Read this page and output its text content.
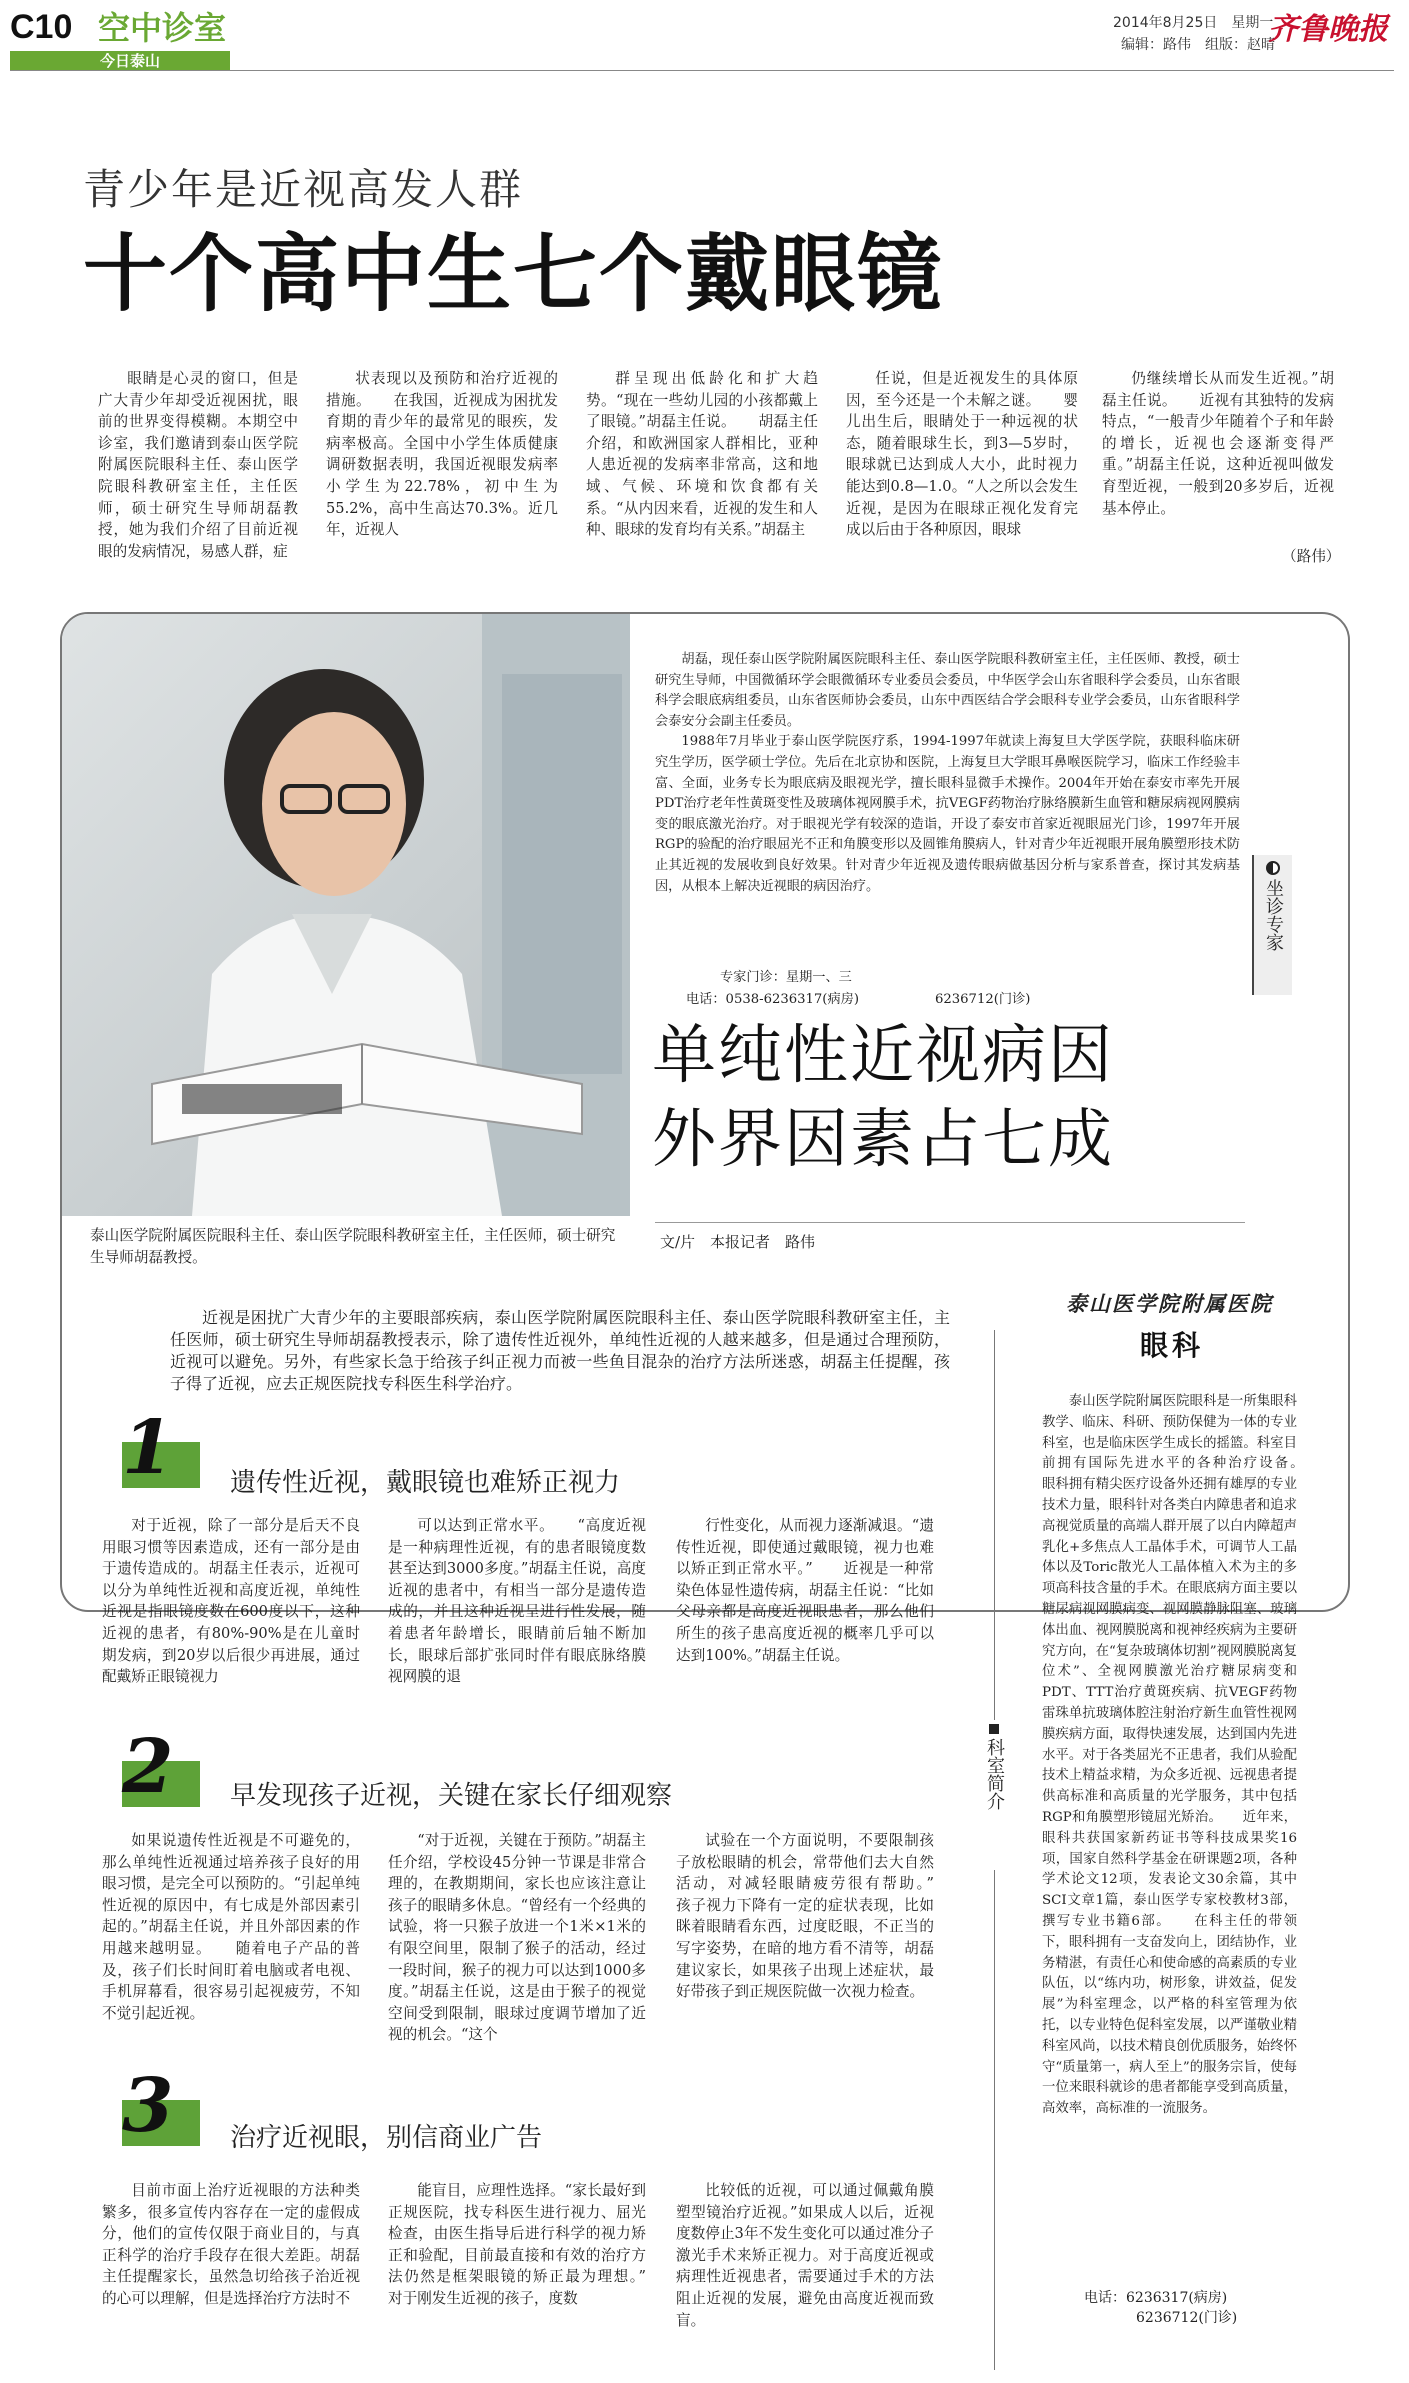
C10 空中诊室
今日泰山
2014年8月25日　星期一
编辑：路伟　组版：赵晴
齐鲁晚报
青少年是近视高发人群
十个高中生七个戴眼镜
眼睛是心灵的窗口，但是广大青少年却受近视困扰，眼前的世界变得模糊。本期空中诊室，我们邀请到泰山医学院附属医院眼科主任、泰山医学院眼科教研室主任，主任医师，硕士研究生导师胡磊教授，她为我们介绍了目前近视眼的发病情况，易感人群，症
状表现以及预防和治疗近视的措施。　　在我国，近视成为困扰发育期的青少年的最常见的眼疾，发病率极高。全国中小学生体质健康调研数据表明，我国近视眼发病率小学生为22.78%，初中生为55.2%，高中生高达70.3%。近几年，近视人
群呈现出低龄化和扩大趋势。“现在一些幼儿园的小孩都戴上了眼镜。”胡磊主任说。　　胡磊主任介绍，和欧洲国家人群相比，亚种人患近视的发病率非常高，这和地域、气候、环境和饮食都有关系。“从内因来看，近视的发生和人种、眼球的发育均有关系。”胡磊主
任说，但是近视发生的具体原因，至今还是一个未解之谜。　　婴儿出生后，眼睛处于一种远视的状态，随着眼球生长，到3—5岁时，眼球就已达到成人大小，此时视力能达到0.8—1.0。“人之所以会发生近视，是因为在眼球正视化发育完成以后由于各种原因，眼球
仍继续增长从而发生近视。”胡磊主任说。　　近视有其独特的发病特点，“一般青少年随着个子和年龄的增长，近视也会逐渐变得严重。”胡磊主任说，这种近视叫做发育型近视，一般到20多岁后，近视基本停止。
（路伟）
泰山医学院附属医院眼科主任、泰山医学院眼科教研室主任，主任医师，硕士研究生导师胡磊教授。

胡磊，现任泰山医学院附属医院眼科主任、泰山医学院眼科教研室主任，主任医师、教授，硕士研究生导师，中国微循环学会眼微循环专业委员会委员，中华医学会山东省眼科学会委员，山东省眼科学会眼底病组委员，山东省医师协会委员，山东中西医结合学会眼科专业学会委员，山东省眼科学会泰安分会副主任委员。

1988年7月毕业于泰山医学院医疗系，1994-1997年就读上海复旦大学医学院，获眼科临床研究生学历，医学硕士学位。先后在北京协和医院，上海复旦大学眼耳鼻喉医院学习，临床工作经验丰富、全面，业务专长为眼底病及眼视光学，擅长眼科显微手术操作。2004年开始在泰安市率先开展PDT治疗老年性黄斑变性及玻璃体视网膜手术，抗VEGF药物治疗脉络膜新生血管和糖尿病视网膜病变的眼底激光治疗。对于眼视光学有较深的造诣，开设了泰安市首家近视眼屈光门诊，1997年开展RGP的验配的治疗眼屈光不正和角膜变形以及圆锥角膜病人，针对青少年近视眼开展角膜塑形技术防止其近视的发展收到良好效果。针对青少年近视及遗传眼病做基因分析与家系普查，探讨其发病基因，从根本上解决近视眼的病因治疗。

专家门诊：星期一、三
电话：0538-6236317(病房)	6236712(门诊)
坐诊专家
单纯性近视病因
外界因素占七成
文/片　本报记者　路伟
近视是困扰广大青少年的主要眼部疾病，泰山医学院附属医院眼科主任、泰山医学院眼科教研室主任，主任医师，硕士研究生导师胡磊教授表示，除了遗传性近视外，单纯性近视的人越来越多，但是通过合理预防，近视可以避免。另外，有些家长急于给孩子纠正视力而被一些鱼目混杂的治疗方法所迷惑，胡磊主任提醒，孩子得了近视，应去正规医院找专科医生科学治疗。
1 遗传性近视，戴眼镜也难矫正视力
对于近视，除了一部分是后天不良用眼习惯等因素造成，还有一部分是由于遗传造成的。胡磊主任表示，近视可以分为单纯性近视和高度近视，单纯性近视是指眼镜度数在600度以下，这种近视的患者，有80%-90%是在儿童时期发病，到20岁以后很少再进展，通过配戴矫正眼镜视力
可以达到正常水平。　　“高度近视是一种病理性近视，有的患者眼镜度数甚至达到3000多度。”胡磊主任说，高度近视的患者中，有相当一部分是遗传造成的，并且这种近视呈进行性发展，随着患者年龄增长，眼睛前后轴不断加长，眼球后部扩张同时伴有眼底脉络膜视网膜的退
行性变化，从而视力逐渐减退。“遗传性近视，即使通过戴眼镜，视力也难以矫正到正常水平。”　　近视是一种常染色体显性遗传病，胡磊主任说：“比如父母亲都是高度近视眼患者，那么他们所生的孩子患高度近视的概率几乎可以达到100%。”胡磊主任说。
2 早发现孩子近视，关键在家长仔细观察
如果说遗传性近视是不可避免的，那么单纯性近视通过培养孩子良好的用眼习惯，是完全可以预防的。“引起单纯性近视的原因中，有七成是外部因素引起的。”胡磊主任说，并且外部因素的作用越来越明显。　　随着电子产品的普及，孩子们长时间盯着电脑或者电视、手机屏幕看，很容易引起视疲劳，不知不觉引起近视。
“对于近视，关键在于预防。”胡磊主任介绍，学校设45分钟一节课是非常合理的，在教期期间，家长也应该注意让孩子的眼睛多休息。“曾经有一个经典的试验，将一只猴子放进一个1米×1米的有限空间里，限制了猴子的活动，经过一段时间，猴子的视力可以达到1000多度。”胡磊主任说，这是由于猴子的视觉空间受到限制，眼球过度调节增加了近视的机会。“这个
试验在一个方面说明，不要限制孩子放松眼睛的机会，常带他们去大自然活动，对减轻眼睛疲劳很有帮助。”　　孩子视力下降有一定的症状表现，比如眯着眼睛看东西，过度眨眼，不正当的写字姿势，在暗的地方看不清等，胡磊建议家长，如果孩子出现上述症状，最好带孩子到正规医院做一次视力检查。
3 治疗近视眼，别信商业广告
目前市面上治疗近视眼的方法种类繁多，很多宣传内容存在一定的虚假成分，他们的宣传仅限于商业目的，与真正科学的治疗手段存在很大差距。胡磊主任提醒家长，虽然急切给孩子治近视的心可以理解，但是选择治疗方法时不
能盲目，应理性选择。“家长最好到正规医院，找专科医生进行视力、屈光检查，由医生指导后进行科学的视力矫正和验配，目前最直接和有效的治疗方法仍然是框架眼镜的矫正最为理想。”　　对于刚发生近视的孩子，度数
比较低的近视，可以通过佩戴角膜塑型镜治疗近视。”如果成人以后，近视度数停止3年不发生变化可以通过准分子激光手术来矫正视力。对于高度近视或病理性近视患者，需要通过手术的方法阻止近视的发展，避免由高度近视而致盲。
科室简介
泰山医学院附属医院
眼科
泰山医学院附属医院眼科是一所集眼科教学、临床、科研、预防保健为一体的专业科室，也是临床医学生成长的摇篮。科室目前拥有国际先进水平的各种治疗设备。　　眼科拥有精尖医疗设备外还拥有雄厚的专业技术力量，眼科针对各类白内障患者和追求高视觉质量的高端人群开展了以白内障超声乳化+多焦点人工晶体手术，可调节人工晶体以及Toric散光人工晶体植入术为主的多项高科技含量的手术。在眼底病方面主要以糖尿病视网膜病变、视网膜静脉阻塞、玻璃体出血、视网膜脱离和视神经疾病为主要研究方向，在“复杂玻璃体切割”视网膜脱离复位术”、全视网膜激光治疗糖尿病变和PDT、TTT治疗黄斑疾病、抗VEGF药物雷珠单抗玻璃体腔注射治疗新生血管性视网膜疾病方面，取得快速发展，达到国内先进水平。对于各类屈光不正患者，我们从验配技术上精益求精，为众多近视、远视患者提供高标准和高质量的光学服务，其中包括RGP和角膜塑形镜屈光矫治。　　近年来，眼科共获国家新药证书等科技成果奖16项，国家自然科学基金在研课题2项，各种学术论文12项，发表论文30余篇，其中SCI文章1篇，泰山医学专家校教材3部，撰写专业书籍6部。　　在科主任的带领下，眼科拥有一支奋发向上，团结协作，业务精湛，有责任心和使命感的高素质的专业队伍，以“练内功，树形象，讲效益，促发展”为科室理念，以严格的科室管理为依托，以专业特色促科室发展，以严谨敬业精科室风尚，以技术精良创优质服务，始终怀守“质量第一，病人至上”的服务宗旨，使每一位来眼科就诊的患者都能享受到高质量，高效率，高标准的一流服务。
电话：6236317(病房)
6236712(门诊)
